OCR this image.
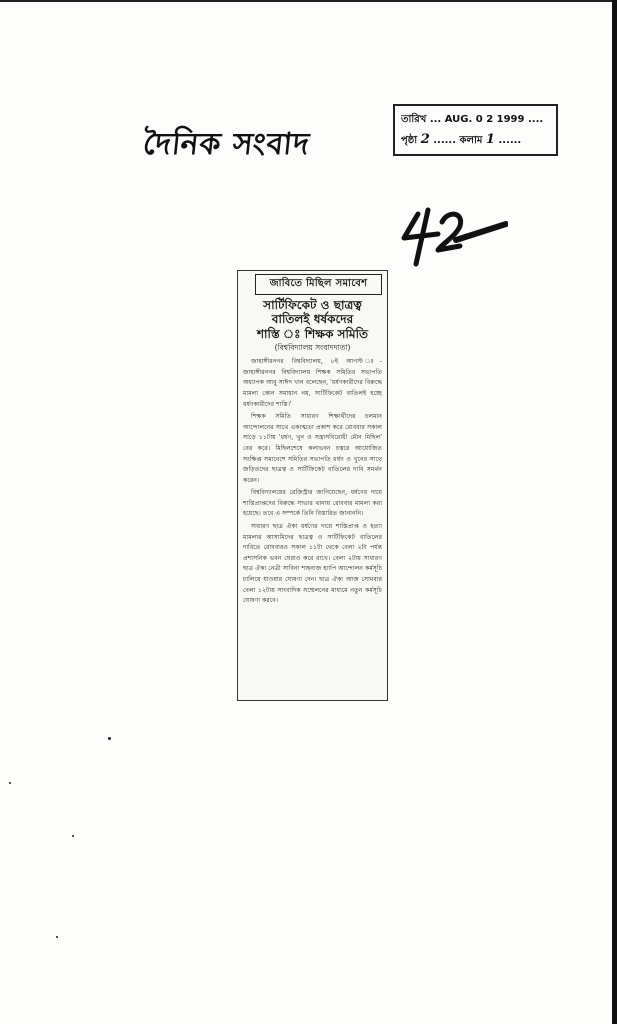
দৈনিক সংবাদ
তারিখ ... AUG. 0 2 1999 ....
পৃষ্ঠা 2 ...... কলাম 1 ......
জাবিতে মিছিল সমাবেশ

সার্টিফিকেট ও ছাত্রত্ব

বাতিলই ধর্ষকদের

শাস্তি ঃ শিক্ষক সমিতি

(বিশ্ববিদ্যালয় সংবাদদাতা)

জাহাঙ্গীরনগর বিশ্ববিদ্যালয়, ৮ই আগস্ট ঃ- জাহাঙ্গীরনগর বিশ্ববিদ্যালয় শিক্ষক সমিতির সভাপতি অধ্যাপক আবু সাঈদ খান বলেছেন, 'ধর্ষণকারীদের বিরুদ্ধে মামলা কোন সমাধান নয়, সার্টিফিকেট বাতিলই হচ্ছে ধর্ষণকারীদের শাস্তি।'

শিক্ষক সমিতি সাধারণ শিক্ষার্থীদের চলমান আন্দোলনের সাথে একাত্মতা প্রকাশ করে রোববার সকাল সাড়ে ১১টায় 'ধর্ষণ, খুন ও সন্ত্রাসবিরোধী মৌন মিছিল' বের করে। মিছিলশেষে কলাভবন চত্বরে আয়োজিত সংক্ষিপ্ত সমাবেশে সমিতির সভাপতি ধর্ষণ ও খুনের সাথে জড়িতদের ছাত্রত্ব ও সার্টিফিকেট বাতিলের দাবি সমর্থন করেন।

বিশ্ববিদ্যালয়ের রেজিস্ট্রার জানিয়েছেন, ধর্ষণের দায়ে শাস্তিপ্রাপ্তদের বিরুদ্ধে সাভার থানায় রোববার মামলা করা হয়েছে। তবে এ সম্পর্কে তিনি বিস্তারিত জানাননি।

সাধারণ ছাত্র ঐক্য ধর্ষণের দায়ে শাস্তিপ্রাপ্ত ও হত্যা মামলার আসামিদের ছাত্রত্ব ও সার্টিফিকেট বাতিলের দাবিতে রোববারও সকাল ১১টা থেকে বেলা ২টা পর্যন্ত প্রশাসনিক ভবন ঘেরাও করে রাখে। বেলা ২টায় সাধারণ ছাত্র ঐক্য নেত্রী সাবিনা শাহনাজ হ্যাপি আন্দোলন কর্মসূচি চালিয়ে যাওয়ার ঘোষণা দেন। ছাত্র ঐক্য আজ সোমবার বেলা ১২টায় সাংবাদিক সম্মেলনের মাধ্যমে নতুন কর্মসূচি ঘোষণা করবে।
